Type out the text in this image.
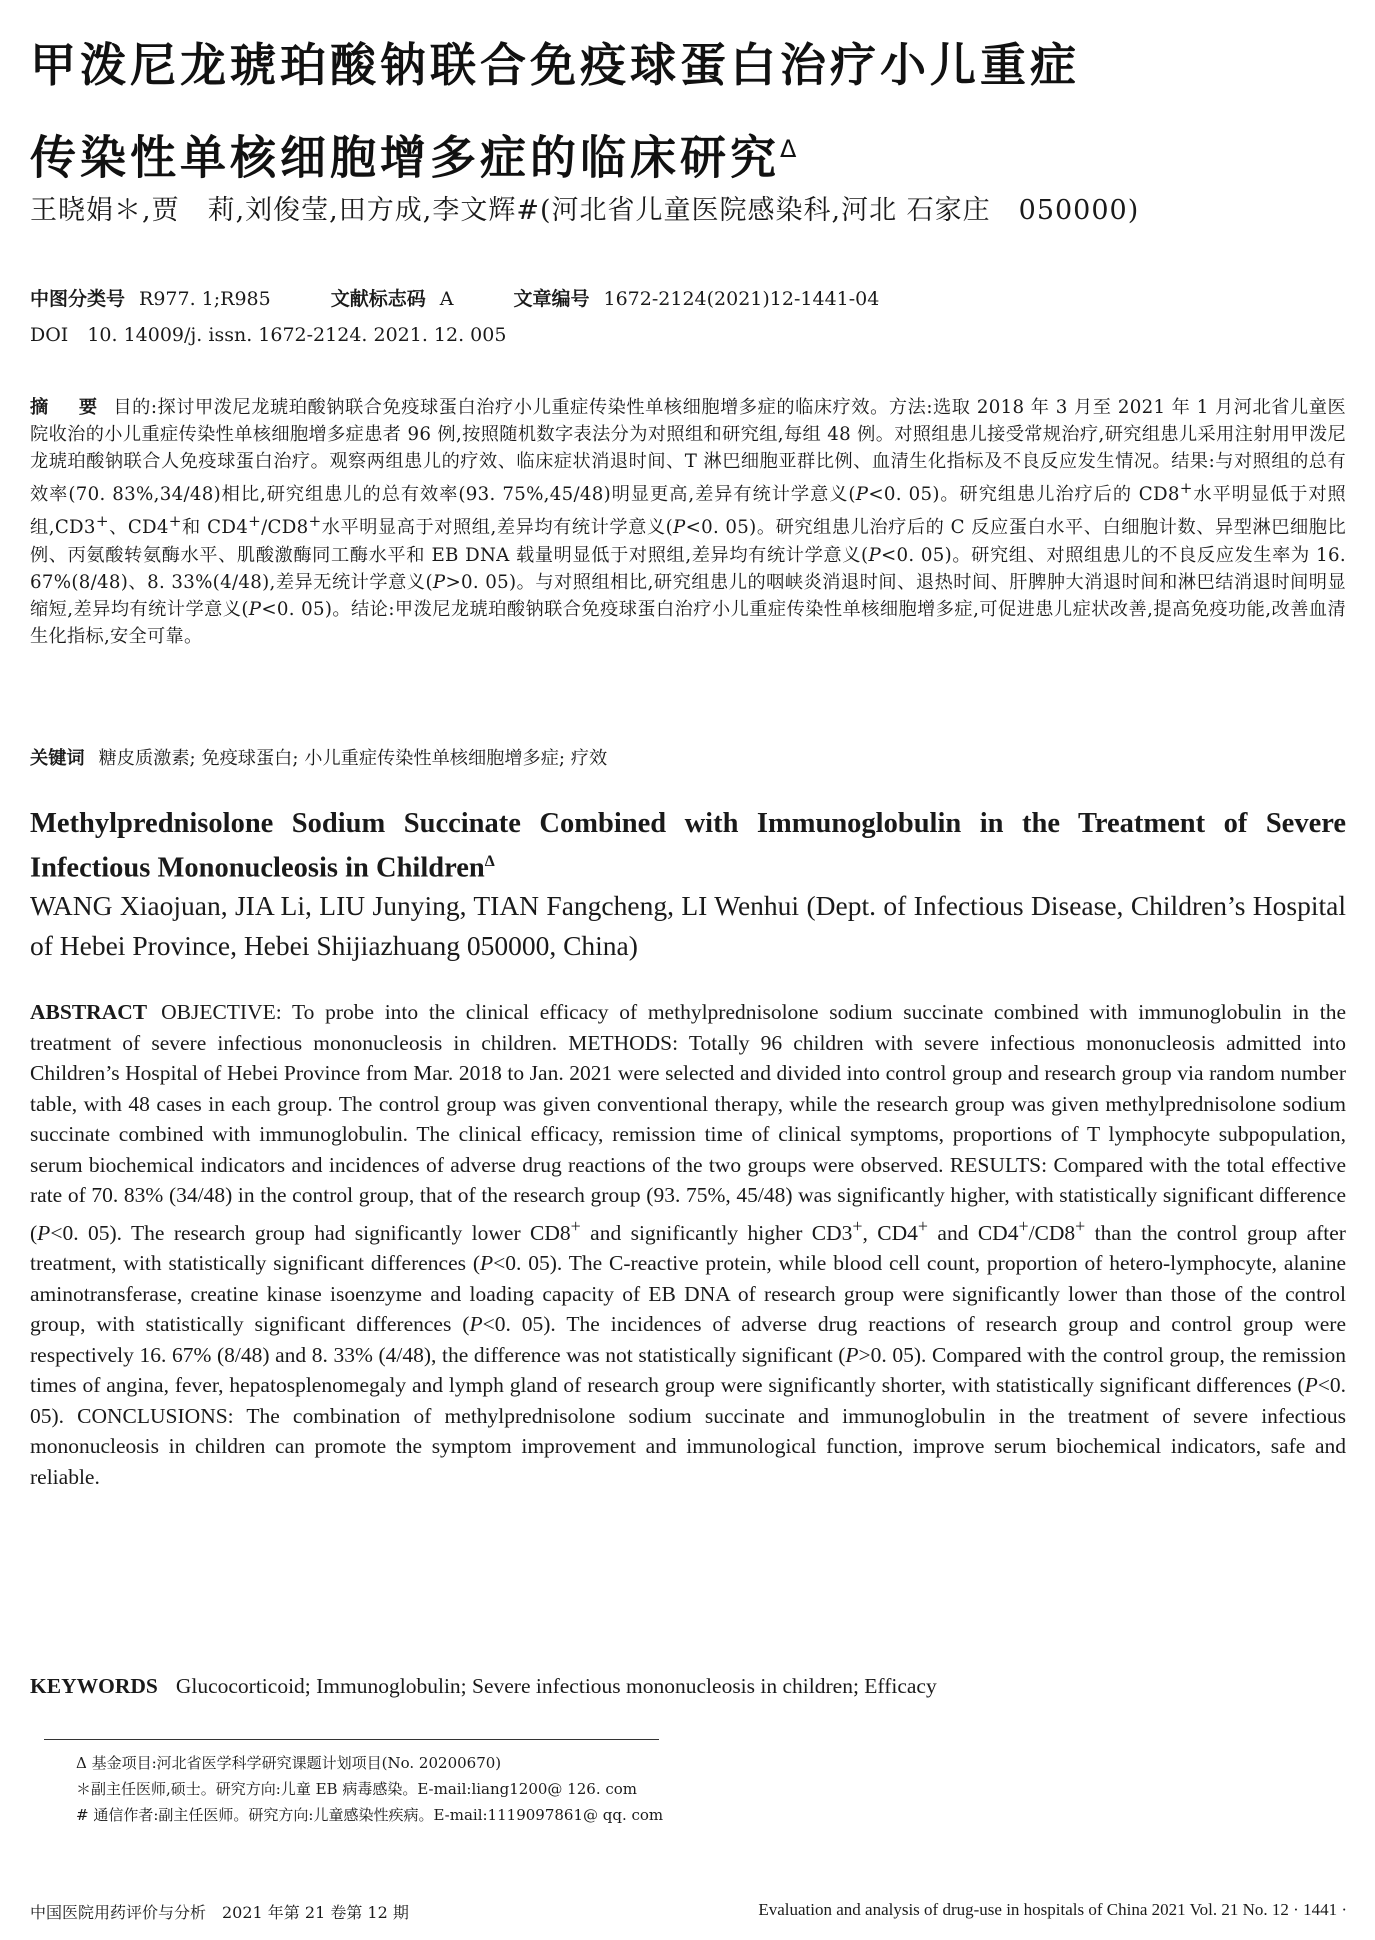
甲泼尼龙琥珀酸钠联合免疫球蛋白治疗小儿重症
传染性单核细胞增多症的临床研究$^\Delta$
王晓娟＊,贾　莉,刘俊莹,田方成,李文辉#(河北省儿童医院感染科,河北 石家庄　050000)
中图分类号 R977. 1;R985	文献标志码 A	文章编号 1672-2124(2021)12-1441-04
DOI　10. 14009/j. issn. 1672-2124. 2021. 12. 005
摘　要 目的:探讨甲泼尼龙琥珀酸钠联合免疫球蛋白治疗小儿重症传染性单核细胞增多症的临床疗效。方法:选取 2018 年 3 月至 2021 年 1 月河北省儿童医院收治的小儿重症传染性单核细胞增多症患者 96 例,按照随机数字表法分为对照组和研究组,每组 48 例。对照组患儿接受常规治疗,研究组患儿采用注射用甲泼尼龙琥珀酸钠联合人免疫球蛋白治疗。观察两组患儿的疗效、临床症状消退时间、T 淋巴细胞亚群比例、血清生化指标及不良反应发生情况。结果:与对照组的总有效率(70. 83%,34/48)相比,研究组患儿的总有效率(93. 75%,45/48)明显更高,差异有统计学意义(P<0. 05)。研究组患儿治疗后的 CD8+水平明显低于对照组,CD3+、CD4+和 CD4+/CD8+水平明显高于对照组,差异均有统计学意义(P<0. 05)。研究组患儿治疗后的 C 反应蛋白水平、白细胞计数、异型淋巴细胞比例、丙氨酸转氨酶水平、肌酸激酶同工酶水平和 EB DNA 载量明显低于对照组,差异均有统计学意义(P<0. 05)。研究组、对照组患儿的不良反应发生率为 16. 67%(8/48)、8. 33%(4/48),差异无统计学意义(P>0. 05)。与对照组相比,研究组患儿的咽峡炎消退时间、退热时间、肝脾肿大消退时间和淋巴结消退时间明显缩短,差异均有统计学意义(P<0. 05)。结论:甲泼尼龙琥珀酸钠联合免疫球蛋白治疗小儿重症传染性单核细胞增多症,可促进患儿症状改善,提高免疫功能,改善血清生化指标,安全可靠。
关键词 糖皮质激素; 免疫球蛋白; 小儿重症传染性单核细胞增多症; 疗效
Methylprednisolone Sodium Succinate Combined with Immunoglobulin in the Treatment of Severe Infectious Mononucleosis in Children$^\Delta$
WANG Xiaojuan, JIA Li, LIU Junying, TIAN Fangcheng, LI Wenhui (Dept. of Infectious Disease, Children’s Hospital of Hebei Province, Hebei Shijiazhuang 050000, China)
ABSTRACT OBJECTIVE: To probe into the clinical efficacy of methylprednisolone sodium succinate combined with immunoglobulin in the treatment of severe infectious mononucleosis in children. METHODS: Totally 96 children with severe infectious mononucleosis admitted into Children’s Hospital of Hebei Province from Mar. 2018 to Jan. 2021 were selected and divided into control group and research group via random number table, with 48 cases in each group. The control group was given conventional therapy, while the research group was given methylprednisolone sodium succinate combined with immunoglobulin. The clinical efficacy, remission time of clinical symptoms, proportions of T lymphocyte subpopulation, serum biochemical indicators and incidences of adverse drug reactions of the two groups were observed. RESULTS: Compared with the total effective rate of 70. 83% (34/48) in the control group, that of the research group (93. 75%, 45/48) was significantly higher, with statistically significant difference (P<0. 05). The research group had significantly lower CD8+ and significantly higher CD3+, CD4+ and CD4+/CD8+ than the control group after treatment, with statistically significant differences (P<0. 05). The C-reactive protein, while blood cell count, proportion of hetero-lymphocyte, alanine aminotransferase, creatine kinase isoenzyme and loading capacity of EB DNA of research group were significantly lower than those of the control group, with statistically significant differences (P<0. 05). The incidences of adverse drug reactions of research group and control group were respectively 16. 67% (8/48) and 8. 33% (4/48), the difference was not statistically significant (P>0. 05). Compared with the control group, the remission times of angina, fever, hepatosplenomegaly and lymph gland of research group were significantly shorter, with statistically significant differences (P<0. 05). CONCLUSIONS: The combination of methylprednisolone sodium succinate and immunoglobulin in the treatment of severe infectious mononucleosis in children can promote the symptom improvement and immunological function, improve serum biochemical indicators, safe and reliable.
KEYWORDS Glucocorticoid; Immunoglobulin; Severe infectious mononucleosis in children; Efficacy
Δ 基金项目:河北省医学科学研究课题计划项目(No. 20200670)
＊副主任医师,硕士。研究方向:儿童 EB 病毒感染。E-mail:liang1200@ 126. com
# 通信作者:副主任医师。研究方向:儿童感染性疾病。E-mail:1119097861@ qq. com
中国医院用药评价与分析　2021 年第 21 卷第 12 期	Evaluation and analysis of drug-use in hospitals of China 2021 Vol. 21 No. 12 · 1441 ·
